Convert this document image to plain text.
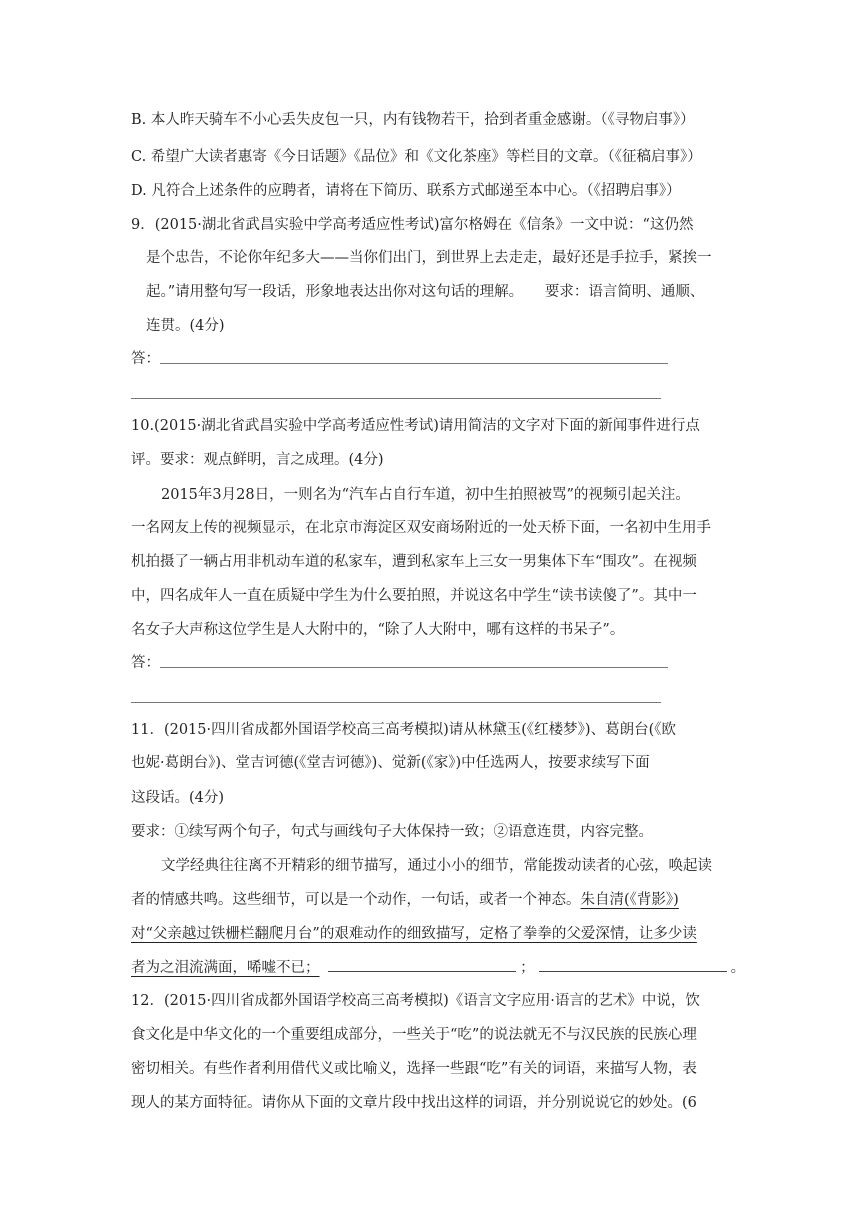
B. 本人昨天骑车不小心丢失皮包一只，内有钱物若干，拾到者重金感谢。（《寻物启事》）
C. 希望广大读者惠寄《今日话题》《品位》和《文化茶座》等栏目的文章。（《征稿启事》）
D. 凡符合上述条件的应聘者，请将在下简历、联系方式邮递至本中心。（《招聘启事》）
9．(2015·湖北省武昌实验中学高考适应性考试)富尔格姆在《信条》一文中说：“这仍然
是个忠告，不论你年纪多大——当你们出门，到世界上去走走，最好还是手拉手，紧挨一
起。”请用整句写一段话，形象地表达出你对这句话的理解。　　要求：语言简明、通顺、
连贯。(4分)
答：
10.(2015·湖北省武昌实验中学高考适应性考试)请用简洁的文字对下面的新闻事件进行点
评。要求：观点鲜明，言之成理。(4分)
2015年3月28日，一则名为“汽车占自行车道，初中生拍照被骂”的视频引起关注。
一名网友上传的视频显示，在北京市海淀区双安商场附近的一处天桥下面，一名初中生用手
机拍摄了一辆占用非机动车道的私家车，遭到私家车上三女一男集体下车“围攻”。在视频
中，四名成年人一直在质疑中学生为什么要拍照，并说这名中学生“读书读傻了”。其中一
名女子大声称这位学生是人大附中的，“除了人大附中，哪有这样的书呆子”。
答：
11．(2015·四川省成都外国语学校高三高考模拟)请从林黛玉(《红楼梦》)、葛朗台(《欧
也妮·葛朗台》)、堂吉诃德(《堂吉诃德》)、觉新(《家》)中任选两人，按要求续写下面
这段话。(4分)
要求：①续写两个句子，句式与画线句子大体保持一致；②语意连贯，内容完整。
文学经典往往离不开精彩的细节描写，通过小小的细节，常能拨动读者的心弦，唤起读
者的情感共鸣。这些细节，可以是一个动作，一句话，或者一个神态。朱自清(《背影》)
对“父亲越过铁栅栏翻爬月台”的艰难动作的细致描写，定格了拳拳的父爱深情，让多少读
者为之泪流满面，唏嘘不已；	；	。
12．(2015·四川省成都外国语学校高三高考模拟)《语言文字应用·语言的艺术》中说，饮
食文化是中华文化的一个重要组成部分，一些关于“吃”的说法就无不与汉民族的民族心理
密切相关。有些作者利用借代义或比喻义，选择一些跟“吃”有关的词语，来描写人物，表
现人的某方面特征。请你从下面的文章片段中找出这样的词语，并分别说说它的妙处。(6
